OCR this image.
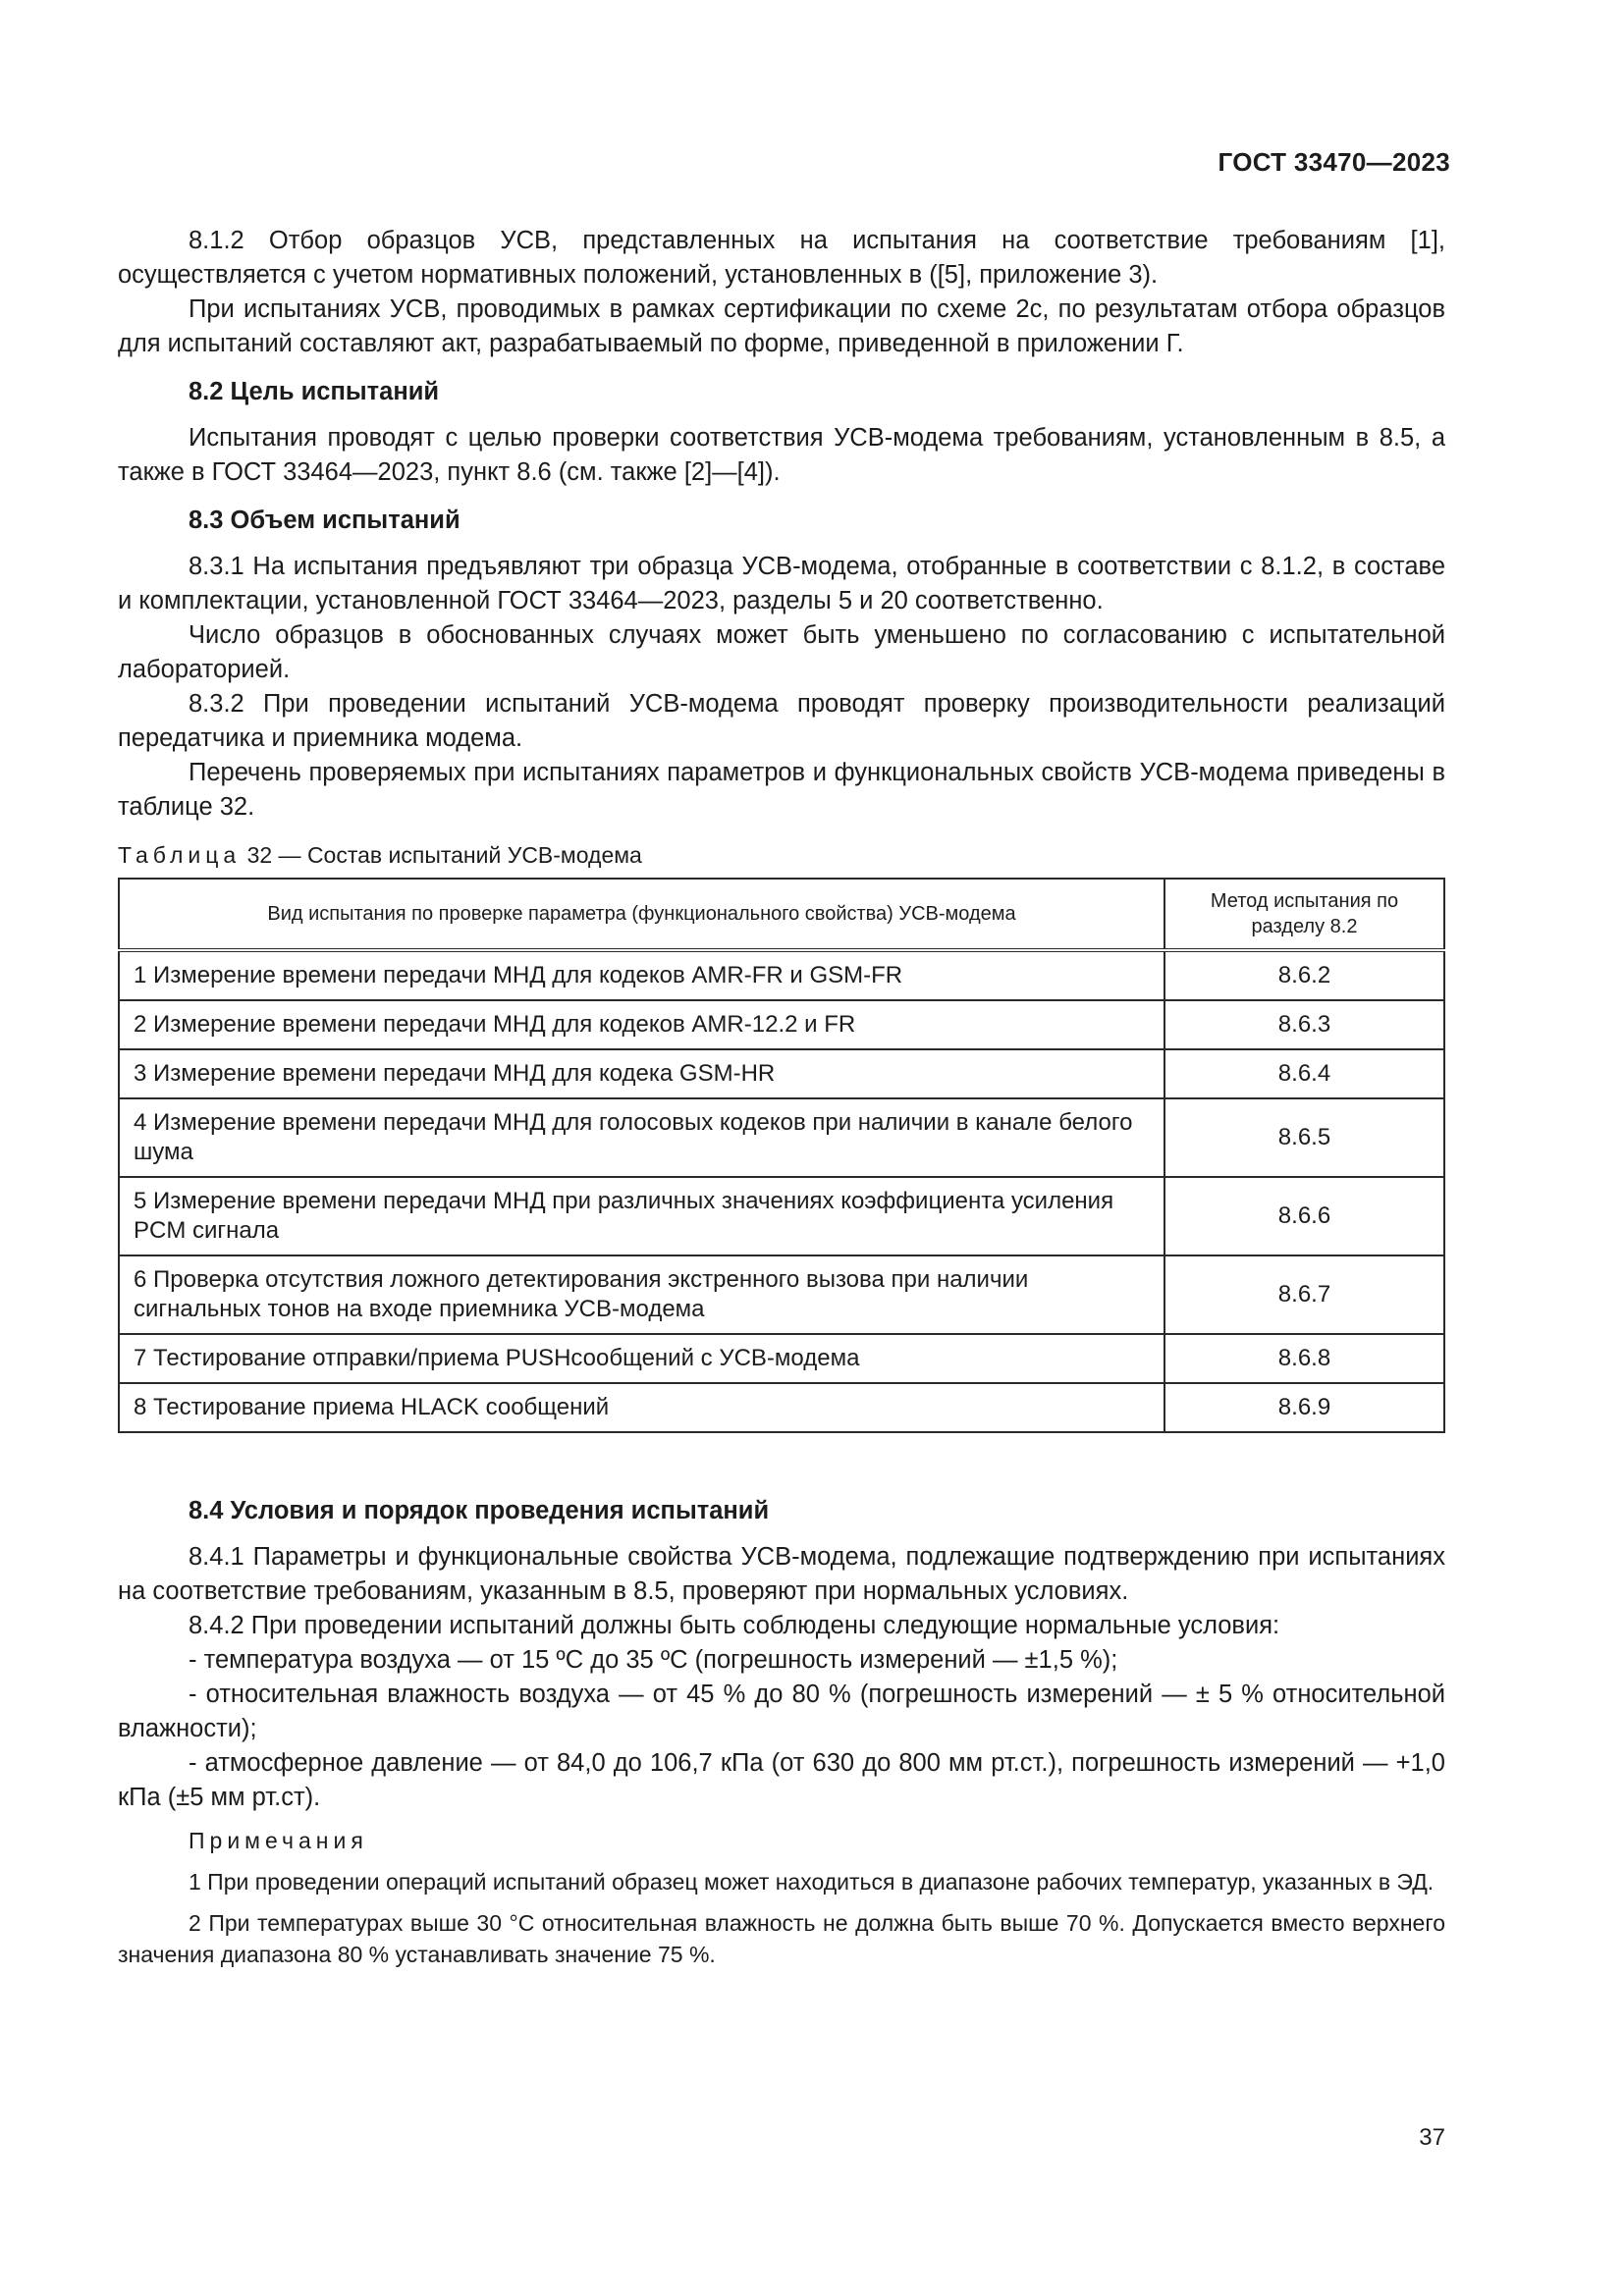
ГОСТ 33470—2023

8.1.2 Отбор образцов УСВ, представленных на испытания на соответствие требованиям [1], осуществляется с учетом нормативных положений, установленных в ([5], приложение 3).

При испытаниях УСВ, проводимых в рамках сертификации по схеме 2с, по результатам отбора образцов для испытаний составляют акт, разрабатываемый по форме, приведенной в приложении Г.

8.2 Цель испытаний

Испытания проводят с целью проверки соответствия УСВ-модема требованиям, установленным в 8.5, а также в ГОСТ 33464—2023, пункт 8.6 (см. также [2]—[4]).

8.3 Объем испытаний

8.3.1 На испытания предъявляют три образца УСВ-модема, отобранные в соответствии с 8.1.2, в составе и комплектации, установленной ГОСТ 33464—2023, разделы 5 и 20 соответственно.

Число образцов в обоснованных случаях может быть уменьшено по согласованию с испытательной лабораторией.

8.3.2 При проведении испытаний УСВ-модема проводят проверку производительности реализаций передатчика и приемника модема.

Перечень проверяемых при испытаниях параметров и функциональных свойств УСВ-модема приведены в таблице 32.

Таблица 32 — Состав испытаний УСВ-модема
Вид испытания по проверке параметра (функционального свойства) УСВ-модема	Метод испытания по разделу 8.2
1 Измерение времени передачи МНД для кодеков AMR-FR и GSM-FR	8.6.2
2 Измерение времени передачи МНД для кодеков AMR-12.2 и FR	8.6.3
3 Измерение времени передачи МНД для кодека GSM-HR	8.6.4
4 Измерение времени передачи МНД для голосовых кодеков при наличии в канале белого шума	8.6.5
5 Измерение времени передачи МНД при различных значениях коэффициента усиления PCM сигнала	8.6.6
6 Проверка отсутствия ложного детектирования экстренного вызова при наличии сигнальных тонов на входе приемника УСВ-модема	8.6.7
7 Тестирование отправки/приема PUSHсообщений с УСВ-модема	8.6.8
8 Тестирование приема HLACK сообщений	8.6.9
8.4 Условия и порядок проведения испытаний

8.4.1 Параметры и функциональные свойства УСВ-модема, подлежащие подтверждению при испытаниях на соответствие требованиям, указанным в 8.5, проверяют при нормальных условиях.

8.4.2 При проведении испытаний должны быть соблюдены следующие нормальные условия:

- температура воздуха — от 15 ºС до 35 ºС (погрешность измерений — ±1,5 %);

- относительная влажность воздуха — от 45 % до 80 % (погрешность измерений — ± 5 % относительной влажности);

- атмосферное давление — от 84,0 до 106,7 кПа (от 630 до 800 мм рт.ст.), погрешность измерений — +1,0 кПа (±5 мм рт.ст).

Примечания

1 При проведении операций испытаний образец может находиться в диапазоне рабочих температур, указанных в ЭД.

2 При температурах выше 30 °С относительная влажность не должна быть выше 70 %. Допускается вместо верхнего значения диапазона 80 % устанавливать значение 75 %.

37
